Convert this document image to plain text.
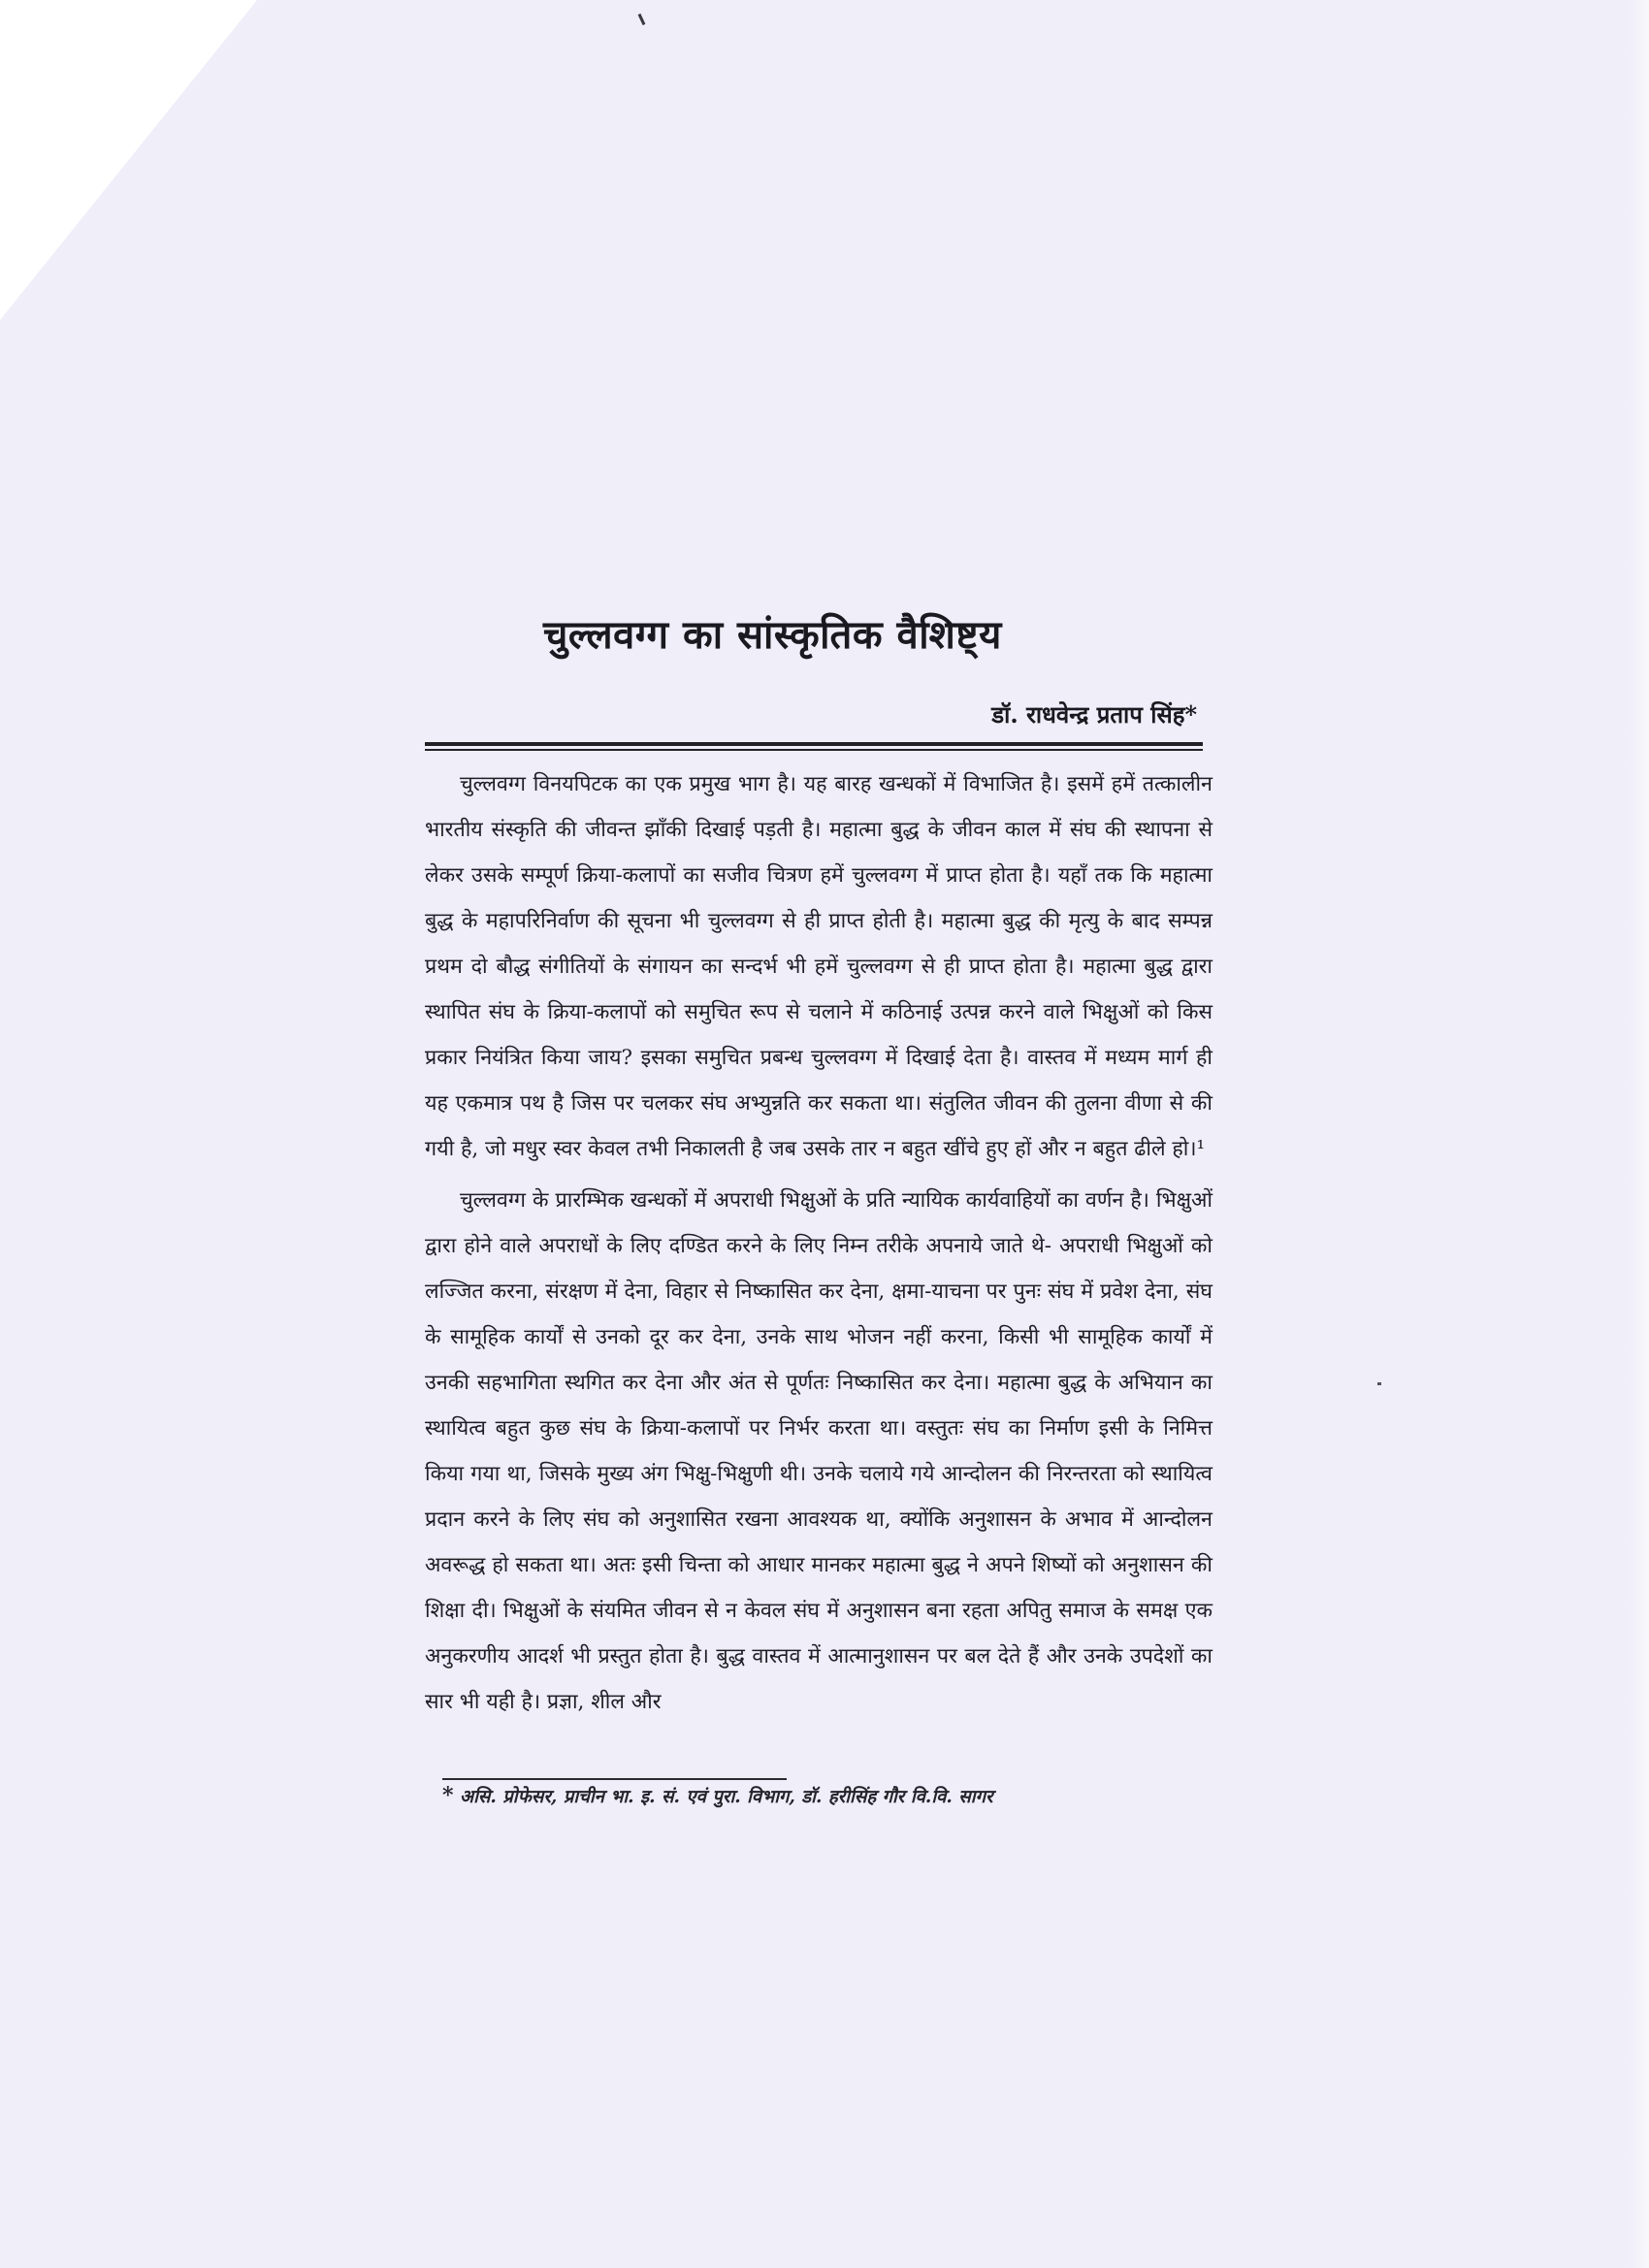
चुल्लवग्ग का सांस्कृतिक वैशिष्ट्य
डॉ. राधवेन्द्र प्रताप सिंह*

चुल्लवग्ग विनयपिटक का एक प्रमुख भाग है। यह बारह खन्धकों में विभाजित है। इसमें हमें तत्कालीन भारतीय संस्कृति की जीवन्त झाँकी दिखाई पड़ती है। महात्मा बुद्ध के जीवन काल में संघ की स्थापना से लेकर उसके सम्पूर्ण क्रिया-कलापों का सजीव चित्रण हमें चुल्लवग्ग में प्राप्त होता है। यहाँ तक कि महात्मा बुद्ध के महापरिनिर्वाण की सूचना भी चुल्लवग्ग से ही प्राप्त होती है। महात्मा बुद्ध की मृत्यु के बाद सम्पन्न प्रथम दो बौद्ध संगीतियों के संगायन का सन्दर्भ भी हमें चुल्लवग्ग से ही प्राप्त होता है। महात्मा बुद्ध द्वारा स्थापित संघ के क्रिया-कलापों को समुचित रूप से चलाने में कठिनाई उत्पन्न करने वाले भिक्षुओं को किस प्रकार नियंत्रित किया जाय? इसका समुचित प्रबन्ध चुल्लवग्ग में दिखाई देता है। वास्तव में मध्यम मार्ग ही यह एकमात्र पथ है जिस पर चलकर संघ अभ्युन्नति कर सकता था। संतुलित जीवन की तुलना वीणा से की गयी है, जो मधुर स्वर केवल तभी निकालती है जब उसके तार न बहुत खींचे हुए हों और न बहुत ढीले हो।¹

चुल्लवग्ग के प्रारम्भिक खन्धकों में अपराधी भिक्षुओं के प्रति न्यायिक कार्यवाहियों का वर्णन है। भिक्षुओं द्वारा होने वाले अपराधों के लिए दण्डित करने के लिए निम्न तरीके अपनाये जाते थे- अपराधी भिक्षुओं को लज्जित करना, संरक्षण में देना, विहार से निष्कासित कर देना, क्षमा-याचना पर पुनः संघ में प्रवेश देना, संघ के सामूहिक कार्यों से उनको दूर कर देना, उनके साथ भोजन नहीं करना, किसी भी सामूहिक कार्यों में उनकी सहभागिता स्थगित कर देना और अंत से पूर्णतः निष्कासित कर देना। महात्मा बुद्ध के अभियान का स्थायित्व बहुत कुछ संघ के क्रिया-कलापों पर निर्भर करता था। वस्तुतः संघ का निर्माण इसी के निमित्त किया गया था, जिसके मुख्य अंग भिक्षु-भिक्षुणी थी। उनके चलाये गये आन्दोलन की निरन्तरता को स्थायित्व प्रदान करने के लिए संघ को अनुशासित रखना आवश्यक था, क्योंकि अनुशासन के अभाव में आन्दोलन अवरूद्ध हो सकता था। अतः इसी चिन्ता को आधार मानकर महात्मा बुद्ध ने अपने शिष्यों को अनुशासन की शिक्षा दी। भिक्षुओं के संयमित जीवन से न केवल संघ में अनुशासन बना रहता अपितु समाज के समक्ष एक अनुकरणीय आदर्श भी प्रस्तुत होता है। बुद्ध वास्तव में आत्मानुशासन पर बल देते हैं और उनके उपदेशों का सार भी यही है। प्रज्ञा, शील और

* असि. प्रोफेसर, प्राचीन भा. इ. सं. एवं पुरा. विभाग, डॉ. हरीसिंह गौर वि.वि. सागर
